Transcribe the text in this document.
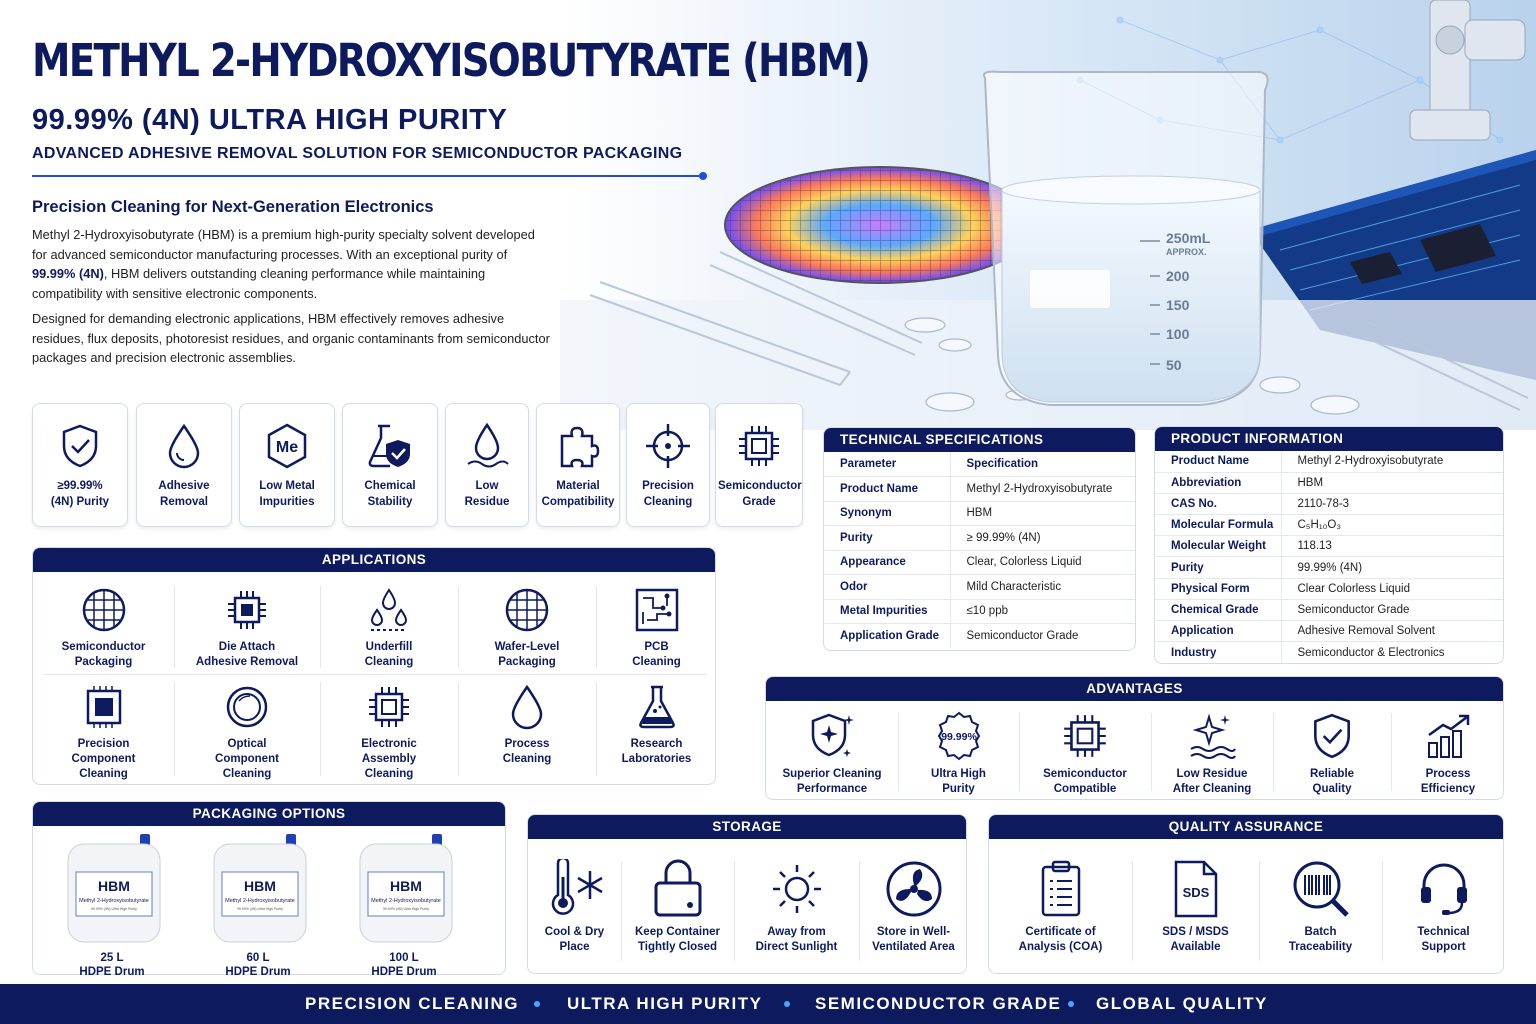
250mL
APPROX.
200
150
100
50
METHYL 2-HYDROXYISOBUTYRATE (HBM)
99.99% (4N) ULTRA HIGH PURITY
ADVANCED ADHESIVE REMOVAL SOLUTION FOR SEMICONDUCTOR PACKAGING
Precision Cleaning for Next-Generation Electronics
Methyl 2-Hydroxyisobutyrate (HBM) is a premium high-purity specialty solvent developed for advanced semiconductor manufacturing processes. With an exceptional purity of 99.99% (4N), HBM delivers outstanding cleaning performance while maintaining compatibility with sensitive electronic components.
Designed for demanding electronic applications, HBM effectively removes adhesive residues, flux deposits, photoresist residues, and organic contaminants from semiconductor packages and precision electronic assemblies.
≥99.99%
(4N) Purity
Adhesive
Removal
Me
Low Metal
Impurities
Chemical
Stability
Low
Residue
Material
Compatibility
Precision
Cleaning
Semiconductor
Grade
APPLICATIONS
Semiconductor
Packaging
Die Attach
Adhesive Removal
Underfill
Cleaning
Wafer-Level
Packaging
PCB
Cleaning
Precision
Component
Cleaning
Optical
Component
Cleaning
Electronic
Assembly
Cleaning
Process
Cleaning
Research
Laboratories
TECHNICAL SPECIFICATIONS
Parameter	Specification
Product Name	Methyl 2-Hydroxyisobutyrate
Synonym	HBM
Purity	≥ 99.99% (4N)
Appearance	Clear, Colorless Liquid
Odor	Mild Characteristic
Metal Impurities	≤10 ppb
Application Grade	Semiconductor Grade
PRODUCT INFORMATION
Product Name	Methyl 2-Hydroxyisobutyrate
Abbreviation	HBM
CAS No.	2110-78-3
Molecular Formula	C₅H₁₀O₃
Molecular Weight	118.13
Purity	99.99% (4N)
Physical Form	Clear Colorless Liquid
Chemical Grade	Semiconductor Grade
Application	Adhesive Removal Solvent
Industry	Semiconductor & Electronics
ADVANTAGES
Superior Cleaning
Performance
99.99%
Ultra High
Purity
Semiconductor
Compatible
Low Residue
After Cleaning
Reliable
Quality
Process
Efficiency
PACKAGING OPTIONS
HBM
Methyl 2-Hydroxyisobutyrate
99.99% (4N) Ultra High Purity
25 L
HDPE Drum
HBM
Methyl 2-Hydroxyisobutyrate
99.99% (4N) Ultra High Purity
60 L
HDPE Drum
HBM
Methyl 2-Hydroxyisobutyrate
99.99% (4N) Ultra High Purity
100 L
HDPE Drum
STORAGE
Cool & Dry
Place
Keep Container
Tightly Closed
Away from
Direct Sunlight
Store in Well-
Ventilated Area
QUALITY ASSURANCE
Certificate of
Analysis (COA)
SDS
SDS / MSDS
Available
Batch
Traceability
Technical
Support
PRECISION CLEANING	ULTRA HIGH PURITY	SEMICONDUCTOR GRADE GLOBAL QUALITY
